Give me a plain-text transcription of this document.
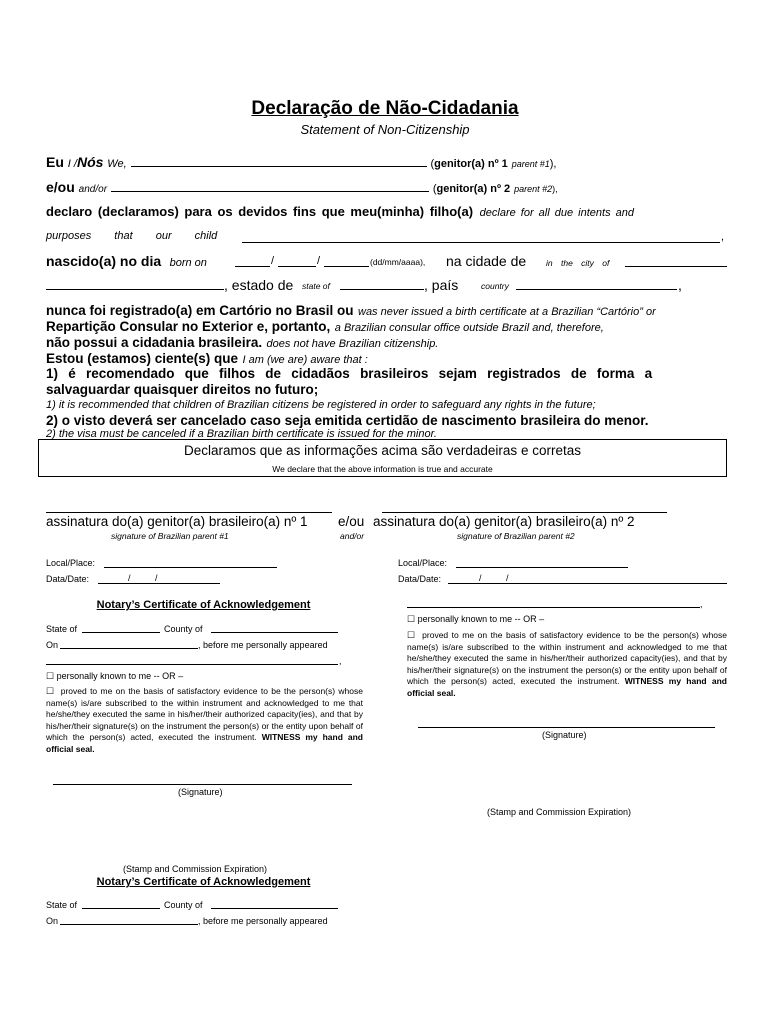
Declaração de Não-Cidadania
Statement of Non-Citizenship
Eu I /Nós We,	(genitor(a) nº 1 parent #1),
e/ou and/or	(genitor(a) nº 2 parent #2),
declaro (declaramos) para os devidos fins que meu(minha) filho(a) declare for all due intents and
purposes that our child	,
nascido(a) no dia born on	/	/	(dd/mm/aaaa), na cidade de in the city of
, estado de state of	, país	country	,
nunca foi registrado(a) em Cartório no Brasil ou was never issued a birth certificate at a Brazilian “Cartório” or
Repartição Consular no Exterior e, portanto, a Brazilian consular office outside Brazil and, therefore,
não possui a cidadania brasileira. does not have Brazilian citizenship.
Estou (estamos) ciente(s) que I am (we are) aware that :
1) é recomendado que filhos de cidadãos brasileiros sejam registrados de forma a
salvaguardar quaisquer direitos no futuro;
1) it is recommended that children of Brazilian citizens be registered in order to safeguard any rights in the future;
2) o visto deverá ser cancelado caso seja emitida certidão de nascimento brasileira do menor.
2) the visa must be canceled if a Brazilian birth certificate is issued for the minor.
Declaramos que as informações acima são verdadeiras e corretas
We declare that the above information is true and accurate
assinatura do(a) genitor(a) brasileiro(a) nº 1 e/ou assinatura do(a) genitor(a) brasileiro(a) nº 2
signature of Brazilian parent #1	and/or	signature of Brazilian parent #2
Local/Place:
Data/Date:	/ /
Local/Place:
Data/Date:	/ /
Notary’s Certificate of Acknowledgement
State of	County of
On	, before me personally appeared
,
☐ personally known to me -- OR –
☐ proved to me on the basis of satisfactory evidence to be the person(s) whose name(s) is/are subscribed to the within instrument and acknowledged to me that he/she/they executed the same in his/her/their authorized capacity(ies), and that by his/her/their signature(s) on the instrument the person(s) or the entity upon behalf of which the person(s) acted, executed the instrument. WITNESS my hand and official seal.
(Signature)
(Stamp and Commission Expiration)
,
☐ personally known to me -- OR –
☐ proved to me on the basis of satisfactory evidence to be the person(s) whose name(s) is/are subscribed to the within instrument and acknowledged to me that he/she/they executed the same in his/her/their authorized capacity(ies), and that by his/her/their signature(s) on the instrument the person(s) or the entity upon behalf of which the person(s) acted, executed the instrument. WITNESS my hand and official seal.
(Signature)
(Stamp and Commission Expiration)
Notary’s Certificate of Acknowledgement
State of	County of
On	, before me personally appeared
